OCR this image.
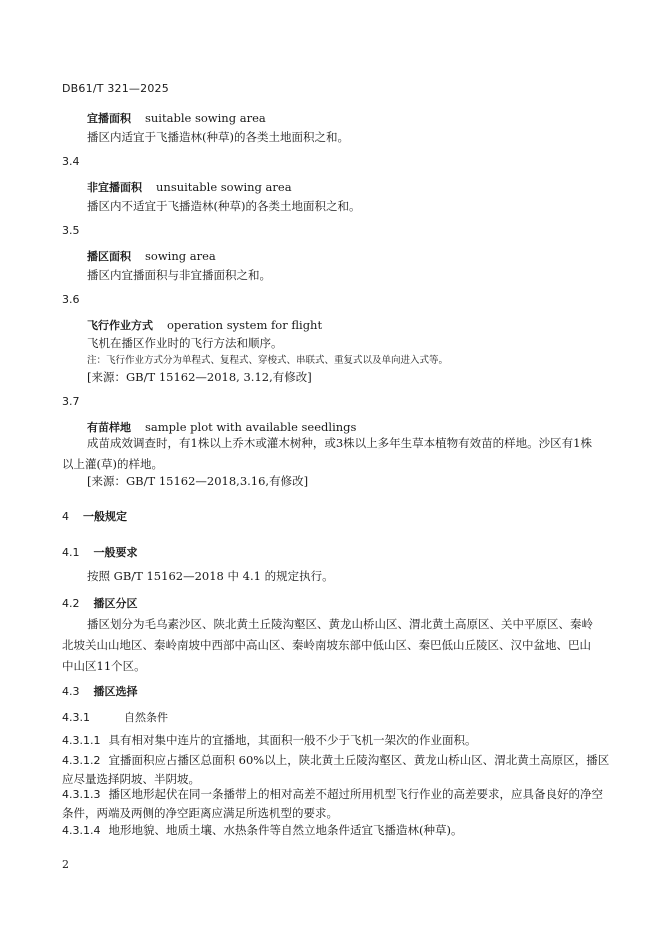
DB61/T 321—2025
宜播面积 suitable sowing area
播区内适宜于飞播造林(种草)的各类土地面积之和。
3.4
非宜播面积 unsuitable sowing area
播区内不适宜于飞播造林(种草)的各类土地面积之和。
3.5
播区面积 sowing area
播区内宜播面积与非宜播面积之和。
3.6
飞行作业方式 operation system for flight
飞机在播区作业时的飞行方法和顺序。
注：飞行作业方式分为单程式、复程式、穿梭式、串联式、重复式以及单向进入式等。
[来源：GB/T 15162—2018, 3.12,有修改]
3.7
有苗样地 sample plot with available seedlings
成苗成效调查时，有1株以上乔木或灌木树种，或3株以上多年生草本植物有效苗的样地。沙区有1株以上灌(草)的样地。
[来源：GB/T 15162—2018,3.16,有修改]
4 一般规定
4.1 一般要求
按照 GB/T 15162—2018 中 4.1 的规定执行。
4.2 播区分区
播区划分为毛乌素沙区、陕北黄土丘陵沟壑区、黄龙山桥山区、渭北黄土高原区、关中平原区、秦岭北坡关山山地区、秦岭南坡中西部中高山区、秦岭南坡东部中低山区、秦巴低山丘陵区、汉中盆地、巴山中山区11个区。
4.3 播区选择
4.3.1	自然条件
4.3.1.1 具有相对集中连片的宜播地，其面积一般不少于飞机一架次的作业面积。
4.3.1.2 宜播面积应占播区总面积 60%以上，陕北黄土丘陵沟壑区、黄龙山桥山区、渭北黄土高原区，播区应尽量选择阴坡、半阴坡。
4.3.1.3 播区地形起伏在同一条播带上的相对高差不超过所用机型飞行作业的高差要求，应具备良好的净空条件，两端及两侧的净空距离应满足所选机型的要求。
4.3.1.4 地形地貌、地质土壤、水热条件等自然立地条件适宜飞播造林(种草)。
2
